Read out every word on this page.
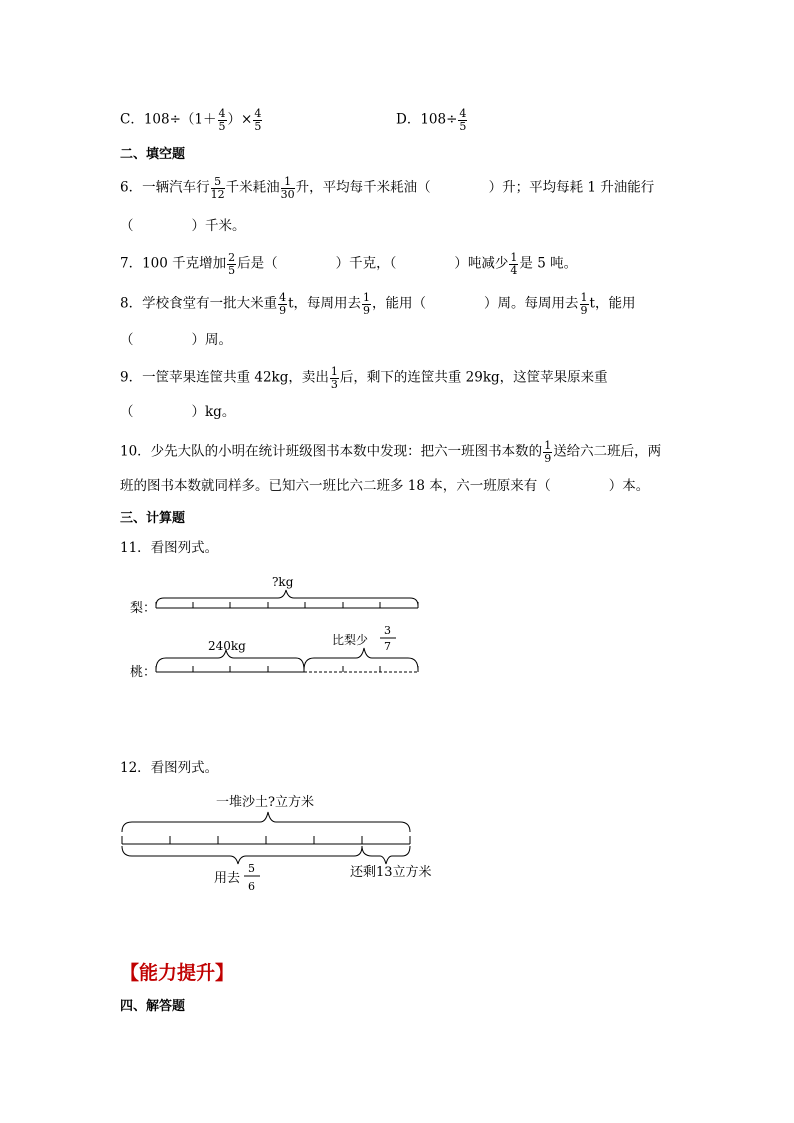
C．$108\div(1+ \frac{4}{5}$ ）× $\frac{4}{5}$	D．$108\div \frac{4}{5}$
二、填空题
6．一辆汽车行 $\frac{5}{12}$ 千米耗油 $\frac{1}{30}$ 升，平均每千米耗油（	）升；平均每耗 1 升油能行
（	）千米。
7．100 千克增加 $\frac{2}{5}$ 后是（	）千克，（	）吨减少 $\frac{1}{4}$ 是 5 吨。
8．学校食堂有一批大米重 $\frac{4}{9}$ t，每周用去 $\frac{1}{9}$ ，能用（	）周。每周用去 $\frac{1}{9}$ t，能用
（	）周。
9．一筐苹果连筐共重 42kg，卖出 $\frac{1}{3}$ 后，剩下的连筐共重 29kg，这筐苹果原来重
（	）kg。
10．少先大队的小明在统计班级图书本数中发现：把六一班图书本数的 $\frac{1}{9}$ 送给六二班后，两
班的图书本数就同样多。已知六一班比六二班多 18 本，六一班原来有（	）本。
三、计算题
11．看图列式。
梨：
?kg
桃：
240kg	比梨少
3
7
12．看图列式。
一堆沙土?立方米
用去
5
6
还剩13立方米
【能力提升】
四、解答题
